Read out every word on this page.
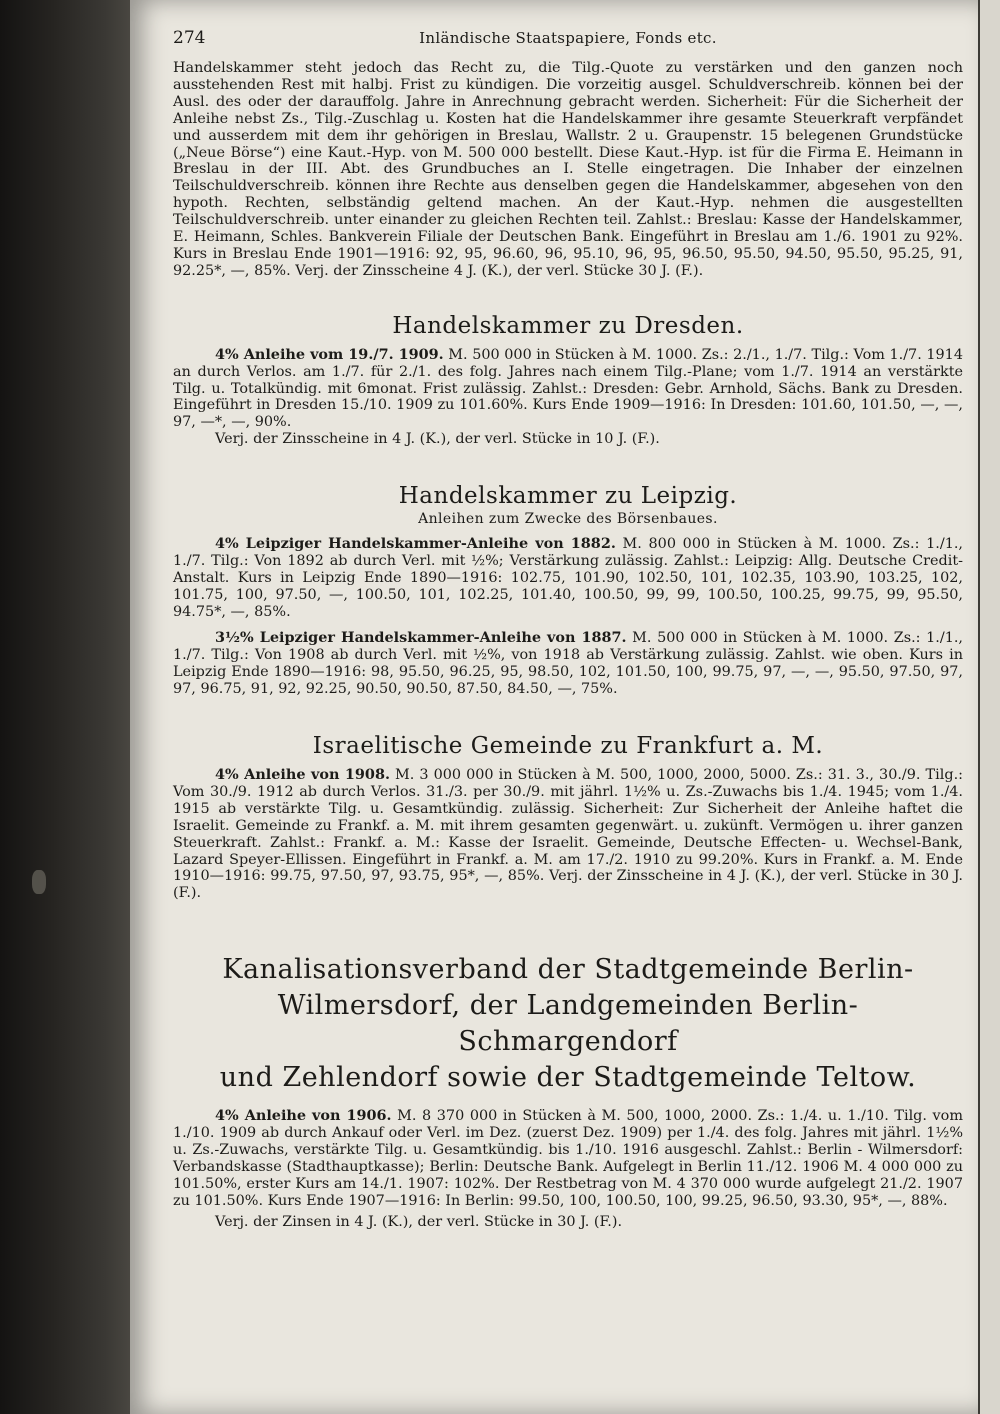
274	Inländische Staatspapiere, Fonds etc.

Handelskammer steht jedoch das Recht zu, die Tilg.-Quote zu verstärken und den ganzen noch ausstehenden Rest mit halbj. Frist zu kündigen. Die vorzeitig ausgel. Schuldverschreib. können bei der Ausl. des oder der darauffolg. Jahre in Anrechnung gebracht werden. Sicherheit: Für die Sicherheit der Anleihe nebst Zs., Tilg.-Zuschlag u. Kosten hat die Handelskammer ihre gesamte Steuerkraft verpfändet und ausserdem mit dem ihr gehörigen in Breslau, Wallstr. 2 u. Graupenstr. 15 belegenen Grundstücke („Neue Börse“) eine Kaut.-Hyp. von M. 500 000 bestellt. Diese Kaut.-Hyp. ist für die Firma E. Heimann in Breslau in der III. Abt. des Grundbuches an I. Stelle eingetragen. Die Inhaber der einzelnen Teilschuldverschreib. können ihre Rechte aus denselben gegen die Handelskammer, abgesehen von den hypoth. Rechten, selbständig geltend machen. An der Kaut.-Hyp. nehmen die ausgestellten Teilschuldverschreib. unter einander zu gleichen Rechten teil. Zahlst.: Breslau: Kasse der Handelskammer, E. Heimann, Schles. Bankverein Filiale der Deutschen Bank. Eingeführt in Breslau am 1./6. 1901 zu 92%. Kurs in Breslau Ende 1901—1916: 92, 95, 96.60, 96, 95.10, 96, 95, 96.50, 95.50, 94.50, 95.50, 95.25, 91, 92.25*, —, 85%. Verj. der Zinsscheine 4 J. (K.), der verl. Stücke 30 J. (F.).

Handelskammer zu Dresden.

4% Anleihe vom 19./7. 1909. M. 500 000 in Stücken à M. 1000. Zs.: 2./1., 1./7. Tilg.: Vom 1./7. 1914 an durch Verlos. am 1./7. für 2./1. des folg. Jahres nach einem Tilg.-Plane; vom 1./7. 1914 an verstärkte Tilg. u. Totalkündig. mit 6monat. Frist zulässig. Zahlst.: Dresden: Gebr. Arnhold, Sächs. Bank zu Dresden. Eingeführt in Dresden 15./10. 1909 zu 101.60%. Kurs Ende 1909—1916: In Dresden: 101.60, 101.50, —, —, 97, —*, —, 90%.

Verj. der Zinsscheine in 4 J. (K.), der verl. Stücke in 10 J. (F.).

Handelskammer zu Leipzig.
Anleihen zum Zwecke des Börsenbaues.

4% Leipziger Handelskammer-Anleihe von 1882. M. 800 000 in Stücken à M. 1000. Zs.: 1./1., 1./7. Tilg.: Von 1892 ab durch Verl. mit ½%; Verstärkung zulässig. Zahlst.: Leipzig: Allg. Deutsche Credit-Anstalt. Kurs in Leipzig Ende 1890—1916: 102.75, 101.90, 102.50, 101, 102.35, 103.90, 103.25, 102, 101.75, 100, 97.50, —, 100.50, 101, 102.25, 101.40, 100.50, 99, 99, 100.50, 100.25, 99.75, 99, 95.50, 94.75*, —, 85%.

3½% Leipziger Handelskammer-Anleihe von 1887. M. 500 000 in Stücken à M. 1000. Zs.: 1./1., 1./7. Tilg.: Von 1908 ab durch Verl. mit ½%, von 1918 ab Verstärkung zulässig. Zahlst. wie oben. Kurs in Leipzig Ende 1890—1916: 98, 95.50, 96.25, 95, 98.50, 102, 101.50, 100, 99.75, 97, —, —, 95.50, 97.50, 97, 97, 96.75, 91, 92, 92.25, 90.50, 90.50, 87.50, 84.50, —, 75%.

Israelitische Gemeinde zu Frankfurt a. M.

4% Anleihe von 1908. M. 3 000 000 in Stücken à M. 500, 1000, 2000, 5000. Zs.: 31. 3., 30./9. Tilg.: Vom 30./9. 1912 ab durch Verlos. 31./3. per 30./9. mit jährl. 1½% u. Zs.-Zuwachs bis 1./4. 1945; vom 1./4. 1915 ab verstärkte Tilg. u. Gesamtkündig. zulässig. Sicherheit: Zur Sicherheit der Anleihe haftet die Israelit. Gemeinde zu Frankf. a. M. mit ihrem gesamten gegenwärt. u. zukünft. Vermögen u. ihrer ganzen Steuerkraft. Zahlst.: Frankf. a. M.: Kasse der Israelit. Gemeinde, Deutsche Effecten- u. Wechsel-Bank, Lazard Speyer-Ellissen. Eingeführt in Frankf. a. M. am 17./2. 1910 zu 99.20%. Kurs in Frankf. a. M. Ende 1910—1916: 99.75, 97.50, 97, 93.75, 95*, —, 85%. Verj. der Zinsscheine in 4 J. (K.), der verl. Stücke in 30 J. (F.).

Kanalisationsverband der Stadtgemeinde Berlin-
Wilmersdorf, der Landgemeinden Berlin-Schmargendorf
und Zehlendorf sowie der Stadtgemeinde Teltow.

4% Anleihe von 1906. M. 8 370 000 in Stücken à M. 500, 1000, 2000. Zs.: 1./4. u. 1./10. Tilg. vom 1./10. 1909 ab durch Ankauf oder Verl. im Dez. (zuerst Dez. 1909) per 1./4. des folg. Jahres mit jährl. 1½% u. Zs.-Zuwachs, verstärkte Tilg. u. Gesamtkündig. bis 1./10. 1916 ausgeschl. Zahlst.: Berlin - Wilmersdorf: Verbandskasse (Stadthauptkasse); Berlin: Deutsche Bank. Aufgelegt in Berlin 11./12. 1906 M. 4 000 000 zu 101.50%, erster Kurs am 14./1. 1907: 102%. Der Restbetrag von M. 4 370 000 wurde aufgelegt 21./2. 1907 zu 101.50%. Kurs Ende 1907—1916: In Berlin: 99.50, 100, 100.50, 100, 99.25, 96.50, 93.30, 95*, —, 88%.

Verj. der Zinsen in 4 J. (K.), der verl. Stücke in 30 J. (F.).
